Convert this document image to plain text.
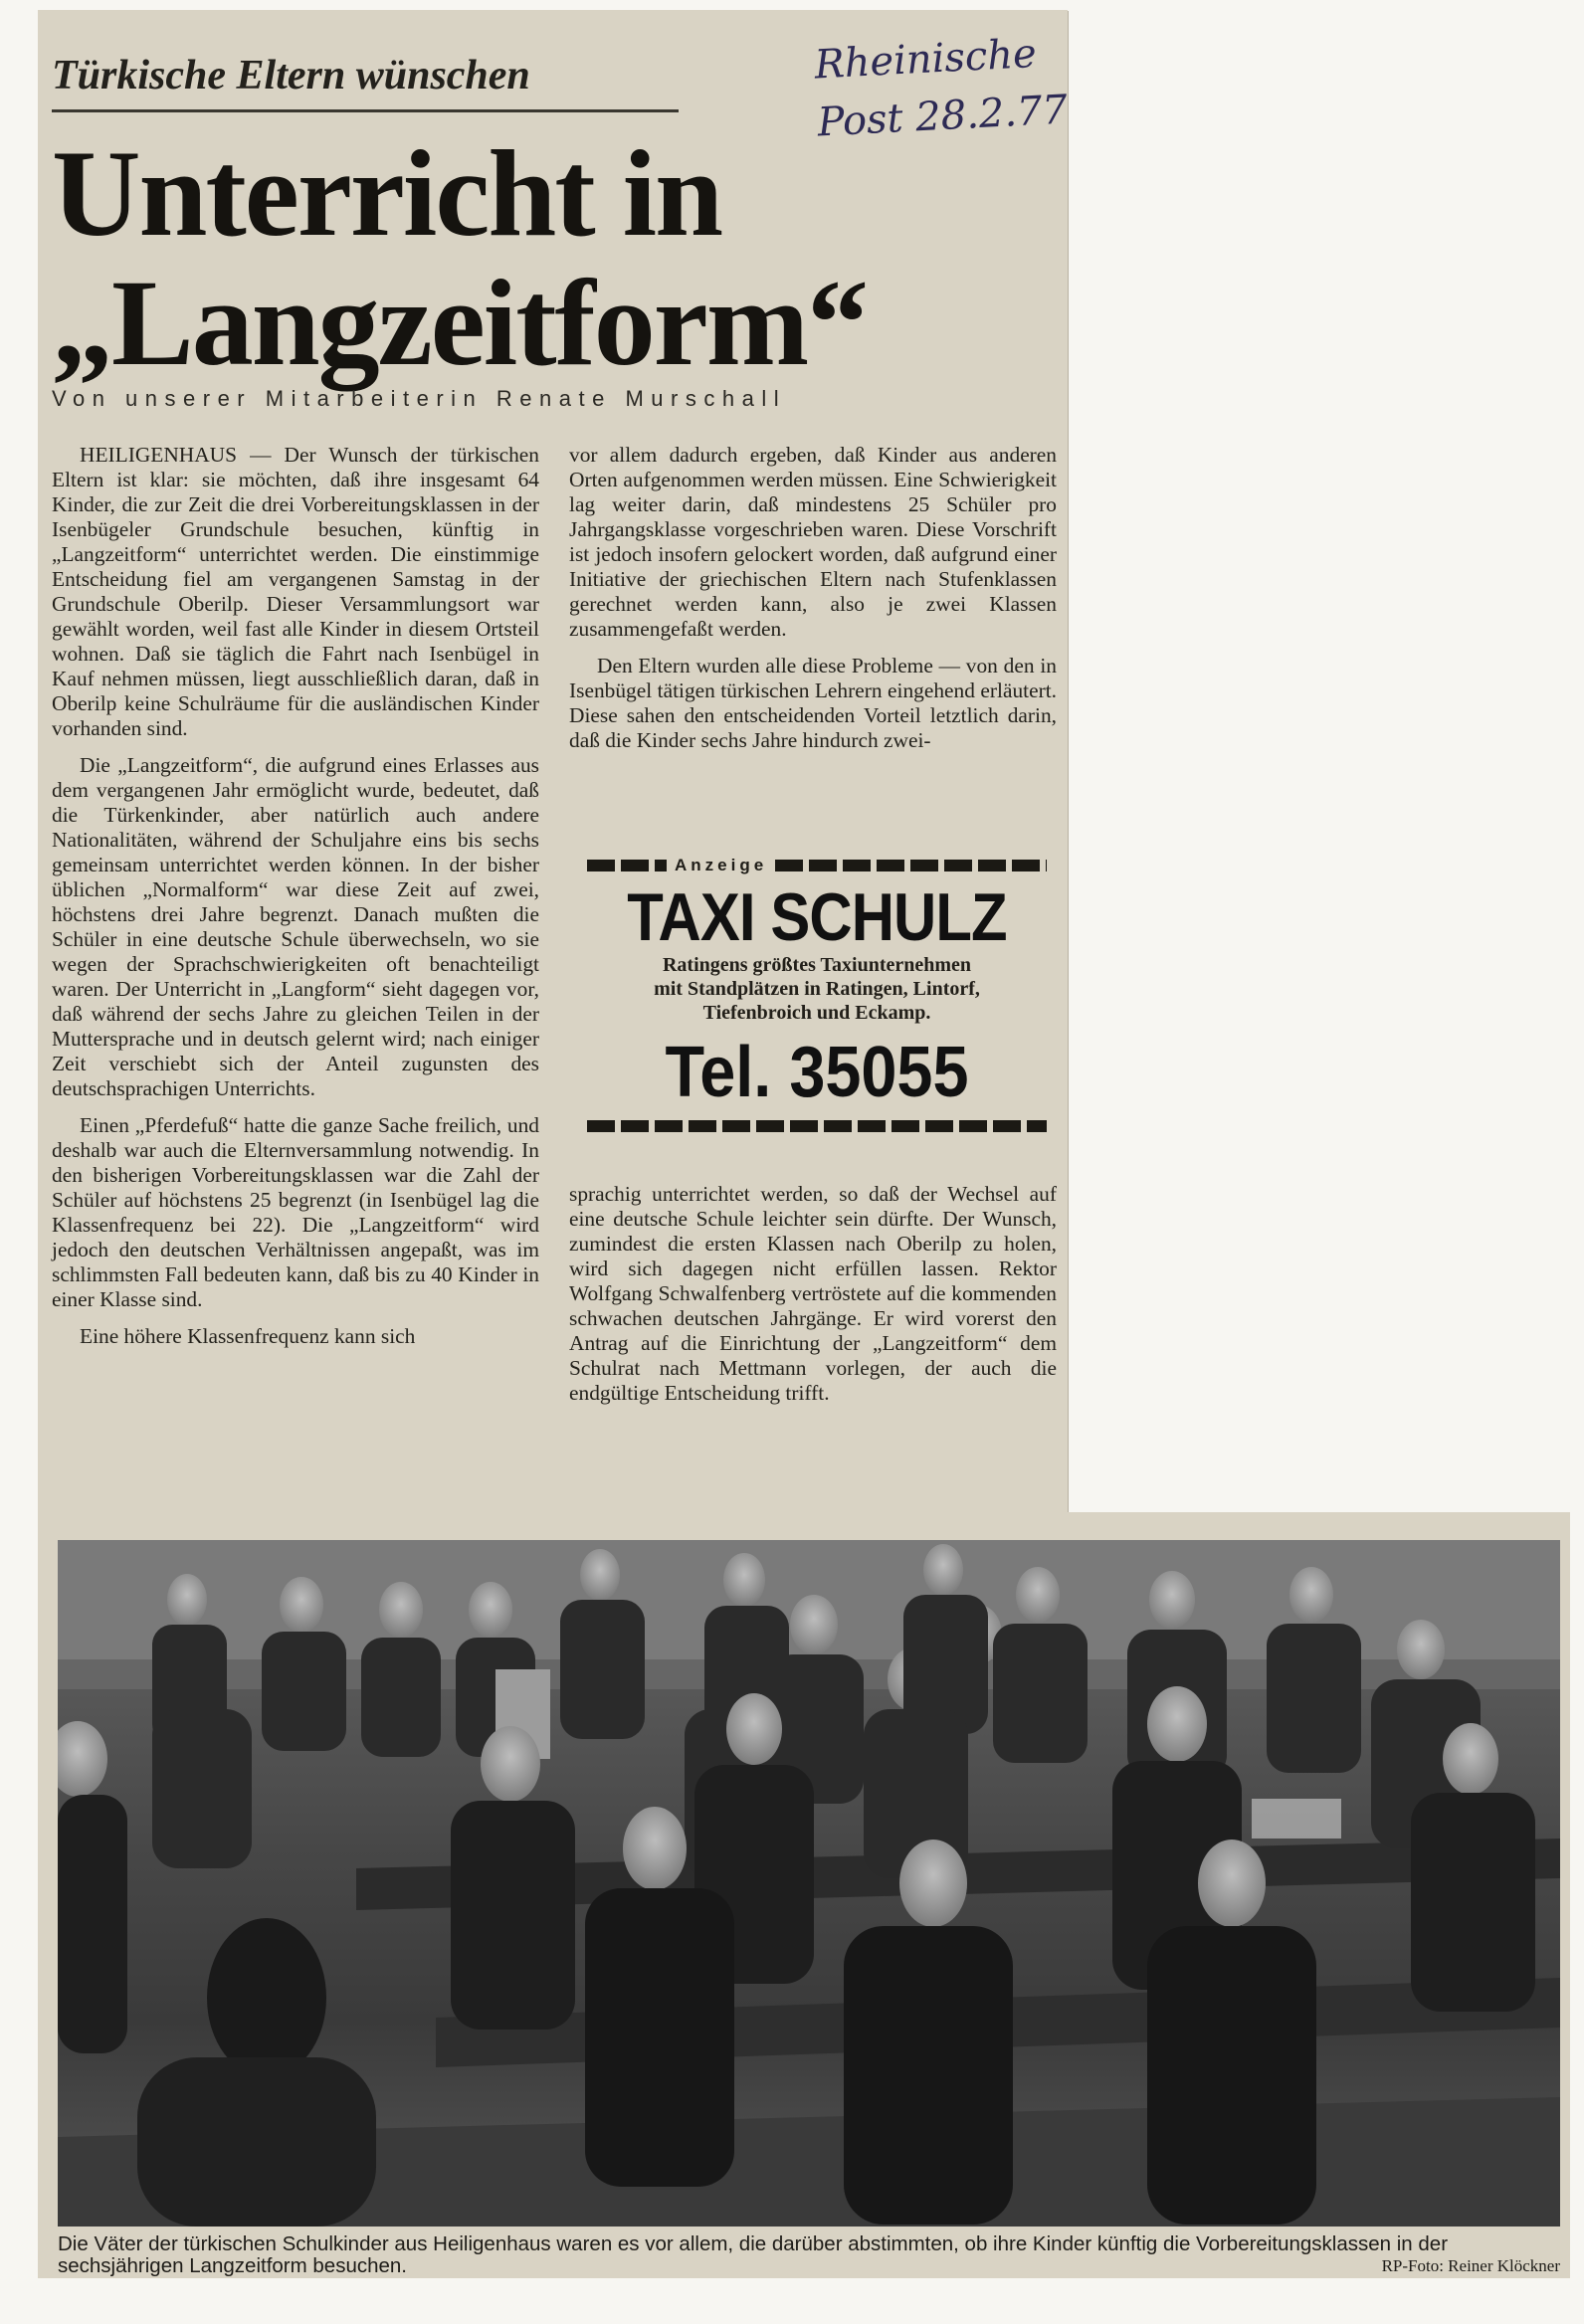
Türkische Eltern wünschen
Unterricht in
„Langzeitform“
Rheinische
Post 28.2.77
Von unserer Mitarbeiterin Renate Murschall

HEILIGENHAUS — Der Wunsch der türkischen Eltern ist klar: sie möchten, daß ihre insgesamt 64 Kinder, die zur Zeit die drei Vorbereitungsklassen in der Isenbügeler Grundschule besuchen, künftig in „Langzeitform“ unterrichtet werden. Die einstimmige Entscheidung fiel am vergangenen Samstag in der Grundschule Oberilp. Dieser Versammlungsort war gewählt worden, weil fast alle Kinder in diesem Ortsteil wohnen. Daß sie täglich die Fahrt nach Isenbügel in Kauf nehmen müssen, liegt ausschließlich daran, daß in Oberilp keine Schulräume für die ausländischen Kinder vorhanden sind.

Die „Langzeitform“, die aufgrund eines Erlasses aus dem vergangenen Jahr ermöglicht wurde, bedeutet, daß die Türkenkinder, aber natürlich auch andere Nationalitäten, während der Schuljahre eins bis sechs gemeinsam unterrichtet werden können. In der bisher üblichen „Normalform“ war diese Zeit auf zwei, höchstens drei Jahre begrenzt. Danach mußten die Schüler in eine deutsche Schule überwechseln, wo sie wegen der Sprachschwierigkeiten oft benachteiligt waren. Der Unterricht in „Langform“ sieht dagegen vor, daß während der sechs Jahre zu gleichen Teilen in der Muttersprache und in deutsch gelernt wird; nach einiger Zeit verschiebt sich der Anteil zugunsten des deutschsprachigen Unterrichts.

Einen „Pferdefuß“ hatte die ganze Sache freilich, und deshalb war auch die Elternversammlung notwendig. In den bisherigen Vorbereitungsklassen war die Zahl der Schüler auf höchstens 25 begrenzt (in Isenbügel lag die Klassenfrequenz bei 22). Die „Langzeitform“ wird jedoch den deutschen Verhältnissen angepaßt, was im schlimmsten Fall bedeuten kann, daß bis zu 40 Kinder in einer Klasse sind.

Eine höhere Klassenfrequenz kann sich

vor allem dadurch ergeben, daß Kinder aus anderen Orten aufgenommen werden müssen. Eine Schwierigkeit lag weiter darin, daß mindestens 25 Schüler pro Jahrgangsklasse vorgeschrieben waren. Diese Vorschrift ist jedoch insofern gelockert worden, daß aufgrund einer Initiative der griechischen Eltern nach Stufenklassen gerechnet werden kann, also je zwei Klassen zusammengefaßt werden.

Den Eltern wurden alle diese Probleme — von den in Isenbügel tätigen türkischen Lehrern eingehend erläutert. Diese sahen den entscheidenden Vorteil letztlich darin, daß die Kinder sechs Jahre hindurch zwei-

Anzeige
TAXI SCHULZ
Ratingens größtes Taxiunternehmen
mit Standplätzen in Ratingen, Lintorf,
Tiefenbroich und Eckamp.
Tel. 35055

sprachig unterrichtet werden, so daß der Wechsel auf eine deutsche Schule leichter sein dürfte. Der Wunsch, zumindest die ersten Klassen nach Oberilp zu holen, wird sich dagegen nicht erfüllen lassen. Rektor Wolfgang Schwalfenberg vertröstete auf die kommenden schwachen deutschen Jahrgänge. Er wird vorerst den Antrag auf die Einrichtung der „Langzeitform“ dem Schulrat nach Mettmann vorlegen, der auch die endgültige Entscheidung trifft.

Die Väter der türkischen Schulkinder aus Heiligenhaus waren es vor allem, die darüber abstimmten, ob ihre Kinder künftig die Vorbereitungsklassen in der sechsjährigen Langzeitform besuchen.	RP-Foto: Reiner Klöckner
